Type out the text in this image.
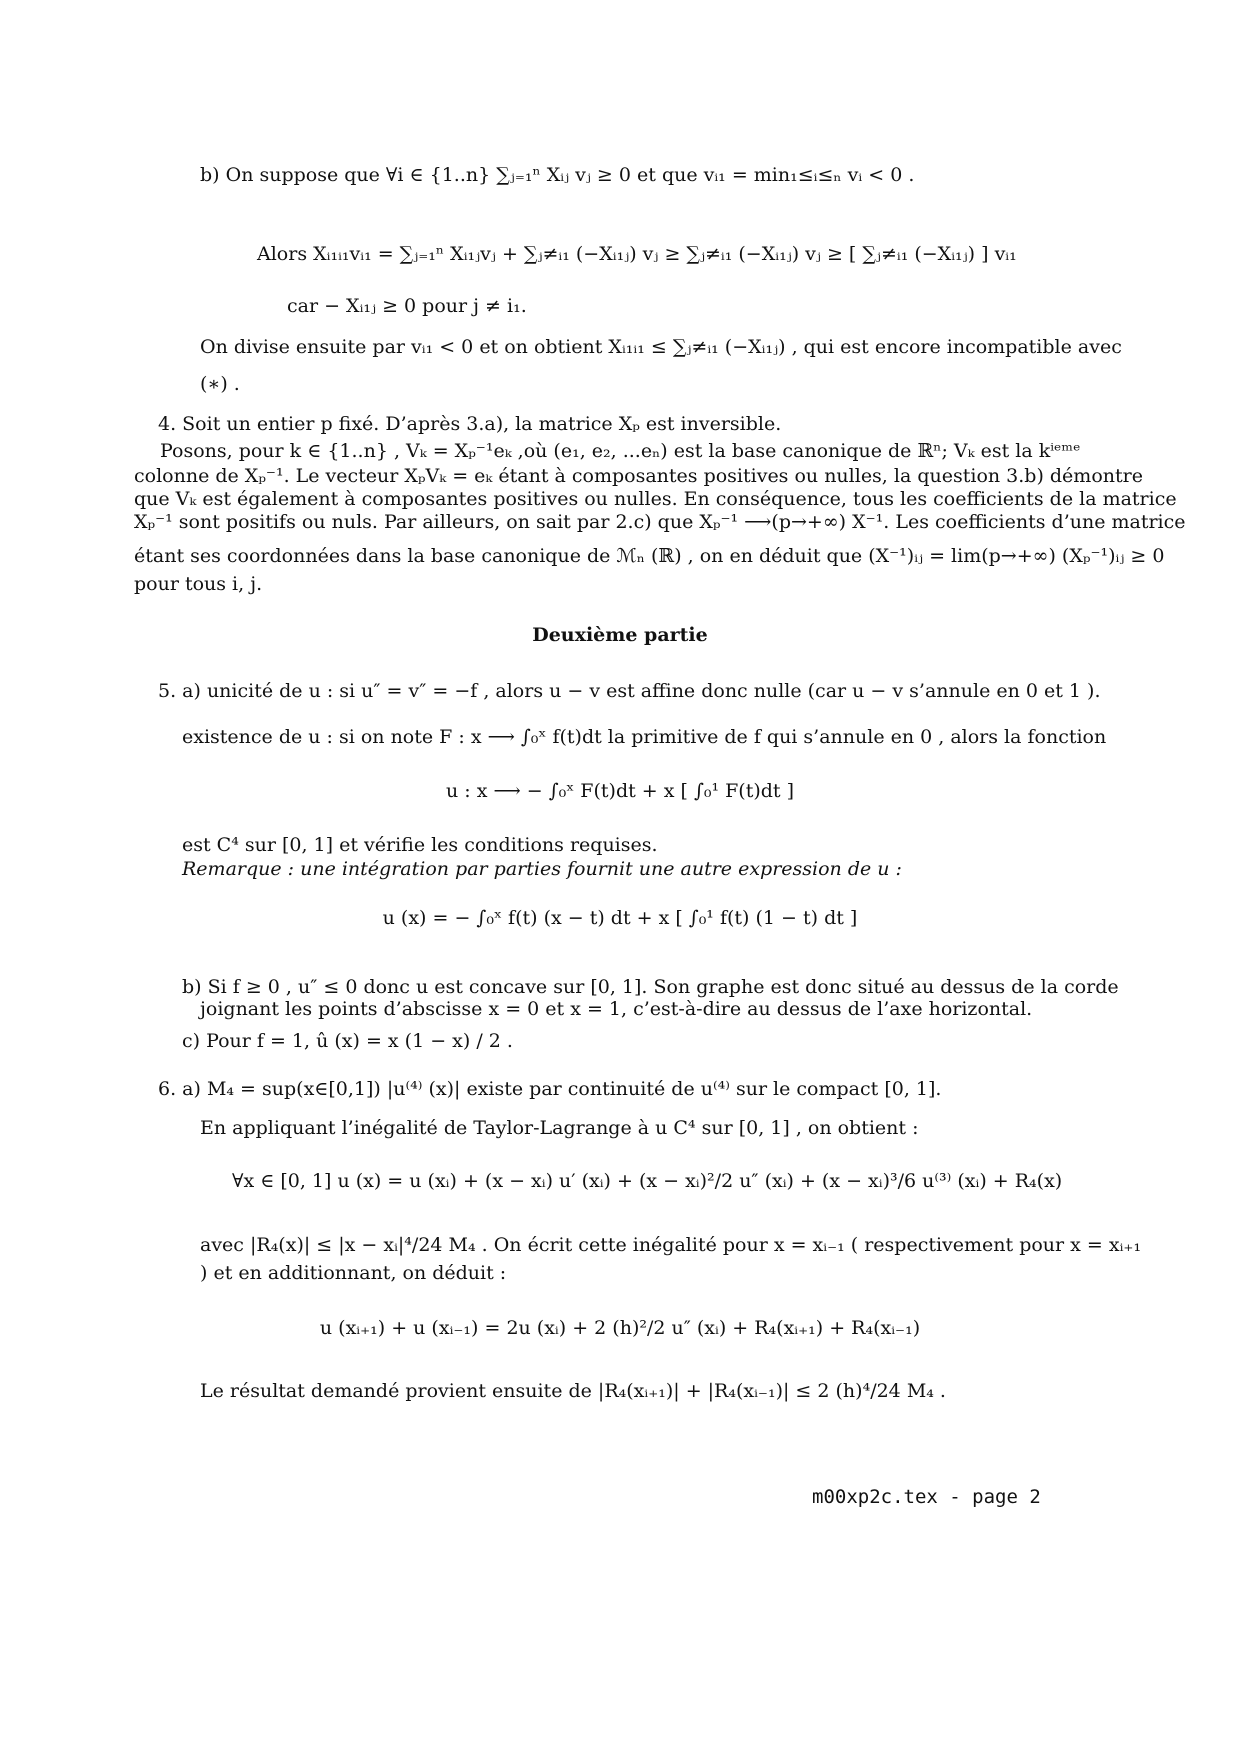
b) On suppose que ∀i ∈ {1..n} ∑ⱼ₌₁ⁿ Xᵢⱼ vⱼ ≥ 0 et que vᵢ₁ = min₁≤ᵢ≤ₙ vᵢ < 0 .
Alors Xᵢ₁ᵢ₁vᵢ₁ = ∑ⱼ₌₁ⁿ Xᵢ₁ⱼvⱼ + ∑ⱼ≠ᵢ₁ (−Xᵢ₁ⱼ) vⱼ ≥ ∑ⱼ≠ᵢ₁ (−Xᵢ₁ⱼ) vⱼ ≥ [ ∑ⱼ≠ᵢ₁ (−Xᵢ₁ⱼ) ] vᵢ₁
car − Xᵢ₁ⱼ ≥ 0 pour j ≠ i₁.
On divise ensuite par vᵢ₁ < 0 et on obtient Xᵢ₁ᵢ₁ ≤ ∑ⱼ≠ᵢ₁ (−Xᵢ₁ⱼ) , qui est encore incompatible avec
(∗) .
4. Soit un entier p fixé. D’après 3.a), la matrice Xₚ est inversible.
Posons, pour k ∈ {1..n} , Vₖ = Xₚ⁻¹eₖ ,où (e₁, e₂, ...eₙ) est la base canonique de ℝⁿ; Vₖ est la kⁱᵉᵐᵉ
colonne de Xₚ⁻¹. Le vecteur XₚVₖ = eₖ étant à composantes positives ou nulles, la question 3.b) démontre
que Vₖ est également à composantes positives ou nulles. En conséquence, tous les coefficients de la matrice
Xₚ⁻¹ sont positifs ou nuls. Par ailleurs, on sait par 2.c) que Xₚ⁻¹ ⟶(p→+∞) X⁻¹. Les coefficients d’une matrice
étant ses coordonnées dans la base canonique de ℳₙ (ℝ) , on en déduit que (X⁻¹)ᵢⱼ = lim(p→+∞) (Xₚ⁻¹)ᵢⱼ ≥ 0
pour tous i, j.
Deuxième partie
5. a) unicité de u : si u″ = v″ = −f , alors u − v est affine donc nulle (car u − v s’annule en 0 et 1 ).
existence de u : si on note F : x ⟶ ∫₀ˣ f(t)dt la primitive de f qui s’annule en 0 , alors la fonction
u : x ⟶ − ∫₀ˣ F(t)dt + x [ ∫₀¹ F(t)dt ]
est C⁴ sur [0, 1] et vérifie les conditions requises.
Remarque : une intégration par parties fournit une autre expression de u :
u (x) = − ∫₀ˣ f(t) (x − t) dt + x [ ∫₀¹ f(t) (1 − t) dt ]
b) Si f ≥ 0 , u″ ≤ 0 donc u est concave sur [0, 1]. Son graphe est donc situé au dessus de la corde
joignant les points d’abscisse x = 0 et x = 1, c’est-à-dire au dessus de l’axe horizontal.
c) Pour f = 1, û (x) = x (1 − x) / 2 .
6. a) M₄ = sup(x∈[0,1]) |u⁽⁴⁾ (x)| existe par continuité de u⁽⁴⁾ sur le compact [0, 1].
En appliquant l’inégalité de Taylor-Lagrange à u C⁴ sur [0, 1] , on obtient :
∀x ∈ [0, 1] u (x) = u (xᵢ) + (x − xᵢ) u′ (xᵢ) + (x − xᵢ)²/2 u″ (xᵢ) + (x − xᵢ)³/6 u⁽³⁾ (xᵢ) + R₄(x)
avec |R₄(x)| ≤ |x − xᵢ|⁴/24 M₄ . On écrit cette inégalité pour x = xᵢ₋₁ ( respectivement pour x = xᵢ₊₁
) et en additionnant, on déduit :
u (xᵢ₊₁) + u (xᵢ₋₁) = 2u (xᵢ) + 2 (h)²/2 u″ (xᵢ) + R₄(xᵢ₊₁) + R₄(xᵢ₋₁)
Le résultat demandé provient ensuite de |R₄(xᵢ₊₁)| + |R₄(xᵢ₋₁)| ≤ 2 (h)⁴/24 M₄ .
m00xp2c.tex - page 2
